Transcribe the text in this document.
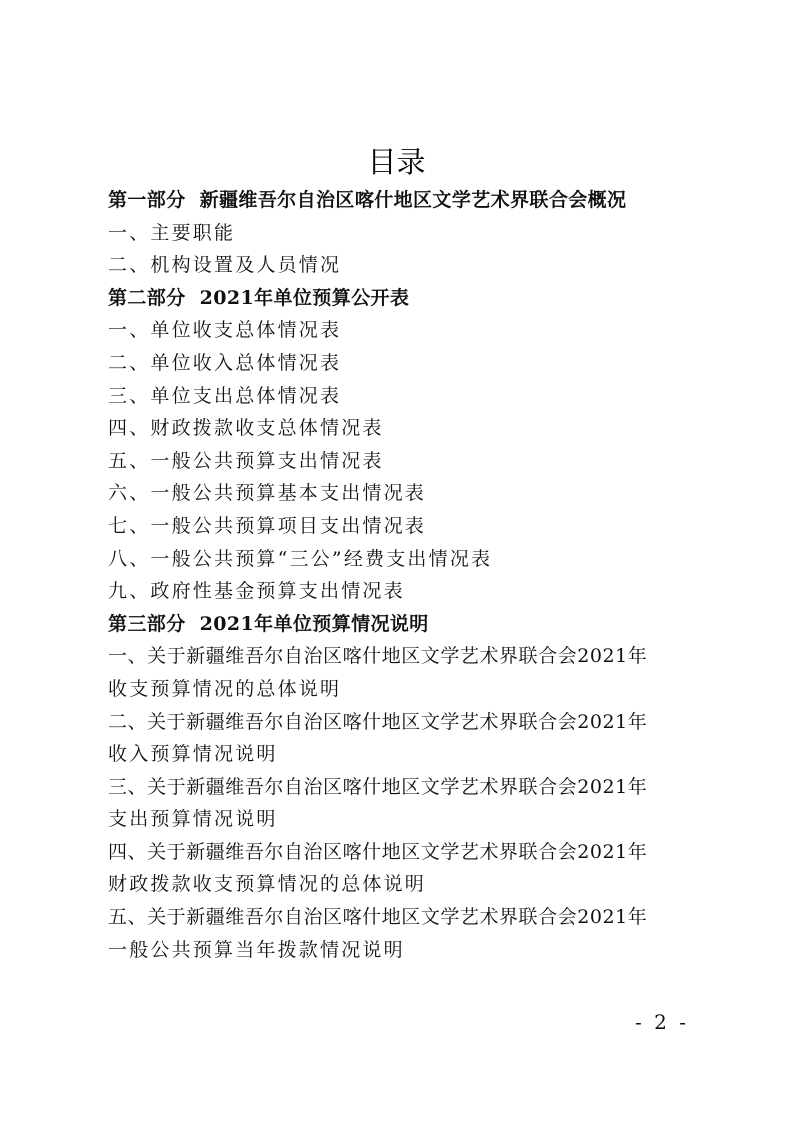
目录
第一部分  新疆维吾尔自治区喀什地区文学艺术界联合会概况
一、主要职能
二、机构设置及人员情况
第二部分  2021年单位预算公开表
一、单位收支总体情况表
二、单位收入总体情况表
三、单位支出总体情况表
四、财政拨款收支总体情况表
五、一般公共预算支出情况表
六、一般公共预算基本支出情况表
七、一般公共预算项目支出情况表
八、一般公共预算“三公”经费支出情况表
九、政府性基金预算支出情况表
第三部分  2021年单位预算情况说明
一、关于新疆维吾尔自治区喀什地区文学艺术界联合会2021年
收支预算情况的总体说明
二、关于新疆维吾尔自治区喀什地区文学艺术界联合会2021年
收入预算情况说明
三、关于新疆维吾尔自治区喀什地区文学艺术界联合会2021年
支出预算情况说明
四、关于新疆维吾尔自治区喀什地区文学艺术界联合会2021年
财政拨款收支预算情况的总体说明
五、关于新疆维吾尔自治区喀什地区文学艺术界联合会2021年
一般公共预算当年拨款情况说明
- 2 -
